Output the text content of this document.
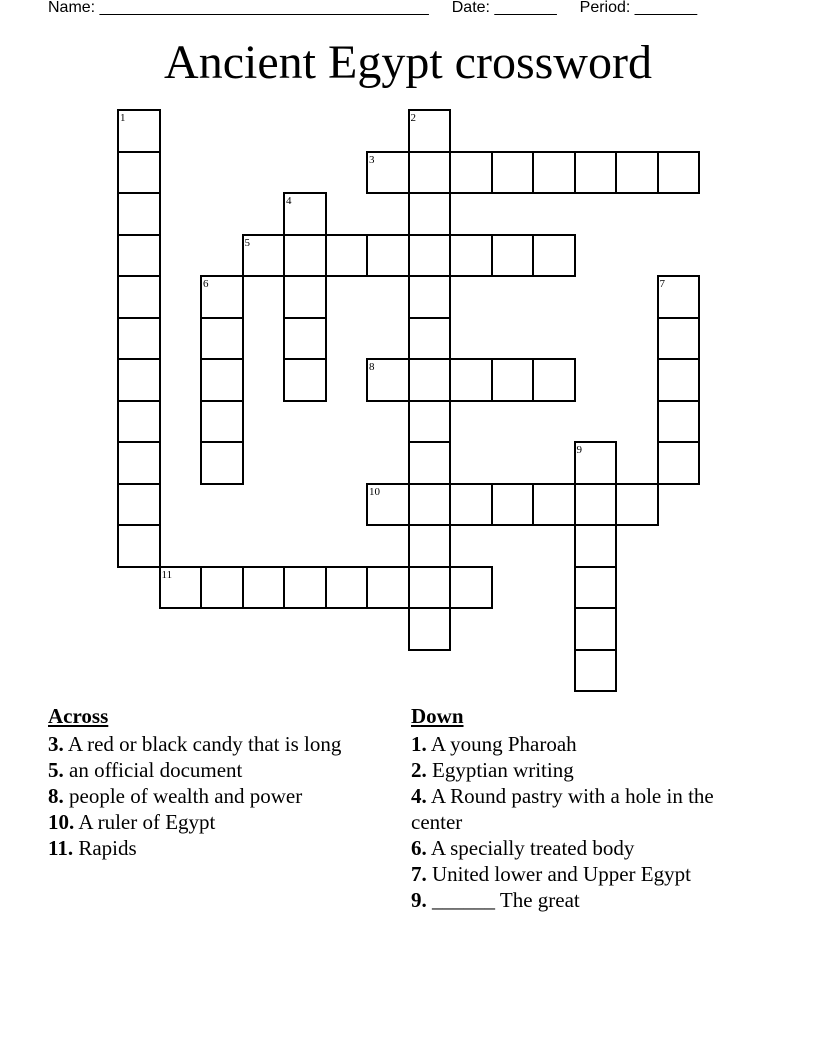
Name: _____________________________________ Date: _______ Period: _______
Ancient Egypt crossword
1	2
3
4
5
6	7
8
9
10
11
Across
3. A red or black candy that is long
5. an official document
8. people of wealth and power
10. A ruler of Egypt
11. Rapids
Down
1. A young Pharoah
2. Egyptian writing
4. A Round pastry with a hole in the center
6. A specially treated body
7. United lower and Upper Egypt
9. ______ The great
